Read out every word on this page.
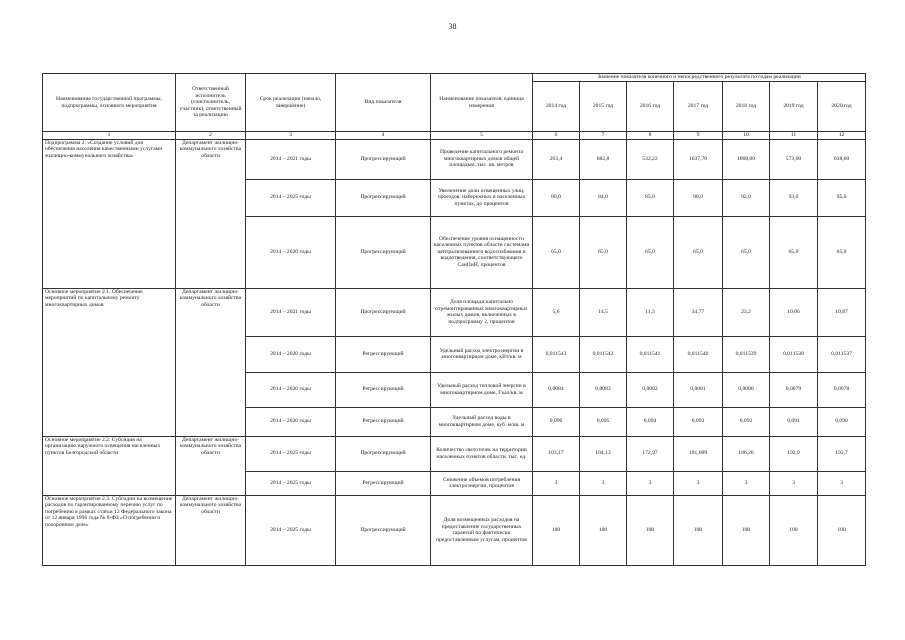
38
Наименование государственной программы, подпрограммы, основного мероприятия	Ответственный исполнитель (соисполнитель, участник), ответственный за реализацию	Срок реализации (начало, завершение)	Вид показателя	Наименование показателя, единица измерения	Значение показателя конечного и непосредственного результата по годам реализации						
					2014 год	2015 год	2016 год	2017 год	2018 год	2019 год	2020 год
1	2	3	4	5	6	7	8	9	10	11	12
Подпрограмма 2. «Создание условий для обеспечения населения качественными услугами жилищно-коммунального хозяйства»	Департамент жилищно-коммунального хозяйства области	2014 – 2021 годы	Прогрессирующий	Проведение капитального ремонта многоквартирных домов общей площадью, тыс. кв. метров	263,4	682,8	532,22	1637,70	1068,00	573,00	618,60
		2014 – 2025 годы	Прогрессирующий	Увеличение доли освещенных улиц, проездов, набережных в населенных пунктах, до процентов	80,0	84,0	85,0	90,0	92,0	93,0	95,0
		2014 – 2020 годы	Прогрессирующий	Обеспечение уровня оснащенности населенных пунктов области системами централизованного водоснабжения и водоотведения, соответствующего СанПиН, процентов	65,0	65,0	65,0	65,0	65,0	65,0	65,0
Основное мероприятие 2.1. Обеспечение мероприятий по капитальному ремонту многоквартирных домов	Департамент жилищно-коммунального хозяйства области	2014 – 2021 годы	Прогрессирующий	Доля площади капитально отремонтированных многоквартирных жилых домов, включенных в подпрограмму 2, процентов	5,6	14,5	11,3	34,77	23,2	10,06	10,87
		2014 – 2020 годы	Регрессирующий	Удельный расход электроэнергии в многоквартирном доме, кВт/кв. м	0,011543	0,011542	0,011541	0,011540	0,011539	0,011538	0,011537
		2014 – 2020 годы	Регрессирующий	Удельный расход тепловой энергии в многоквартирном доме, Гкал/кв. м	0,0084	0,0083	0,0082	0,0081	0,0080	0,0079	0,0078
		2014 – 2020 годы	Регрессирующий	Удельный расход воды в многоквартирном доме, куб. м/кв. м	0,096	0,095	0,094	0,093	0,092	0,091	0,090
Основное мероприятие 2.2. Субсидия на организацию наружного освещения населенных пунктов Белгородской области	Департамент жилищно-коммунального хозяйства области	2014 – 2025 годы	Прогрессирующий	Количество светоточек на территории населенных пунктов области, тыс. ед.	103,17	104,13	172,97	181,609	186,26	192,9	192,7
		2014 – 2025 годы	Регрессирующий	Снижение объемов потребления электроэнергии, процентов	3	3	3	3	3	3	3
Основное мероприятие 2.3. Субсидии на возмещение расходов по гарантированному перечню услуг по погребению в рамках статьи 12 Федерального закона от 12 января 1996 года № 8-ФЗ «О погребении и похоронном деле»	Департамент жилищно-коммунального хозяйства области	2014 – 2025 годы	Прогрессирующий	Доля возмещенных расходов на предоставление государственных гарантий по фактически предоставленным услугам, процентов	100	100	100	100	100	100	100
